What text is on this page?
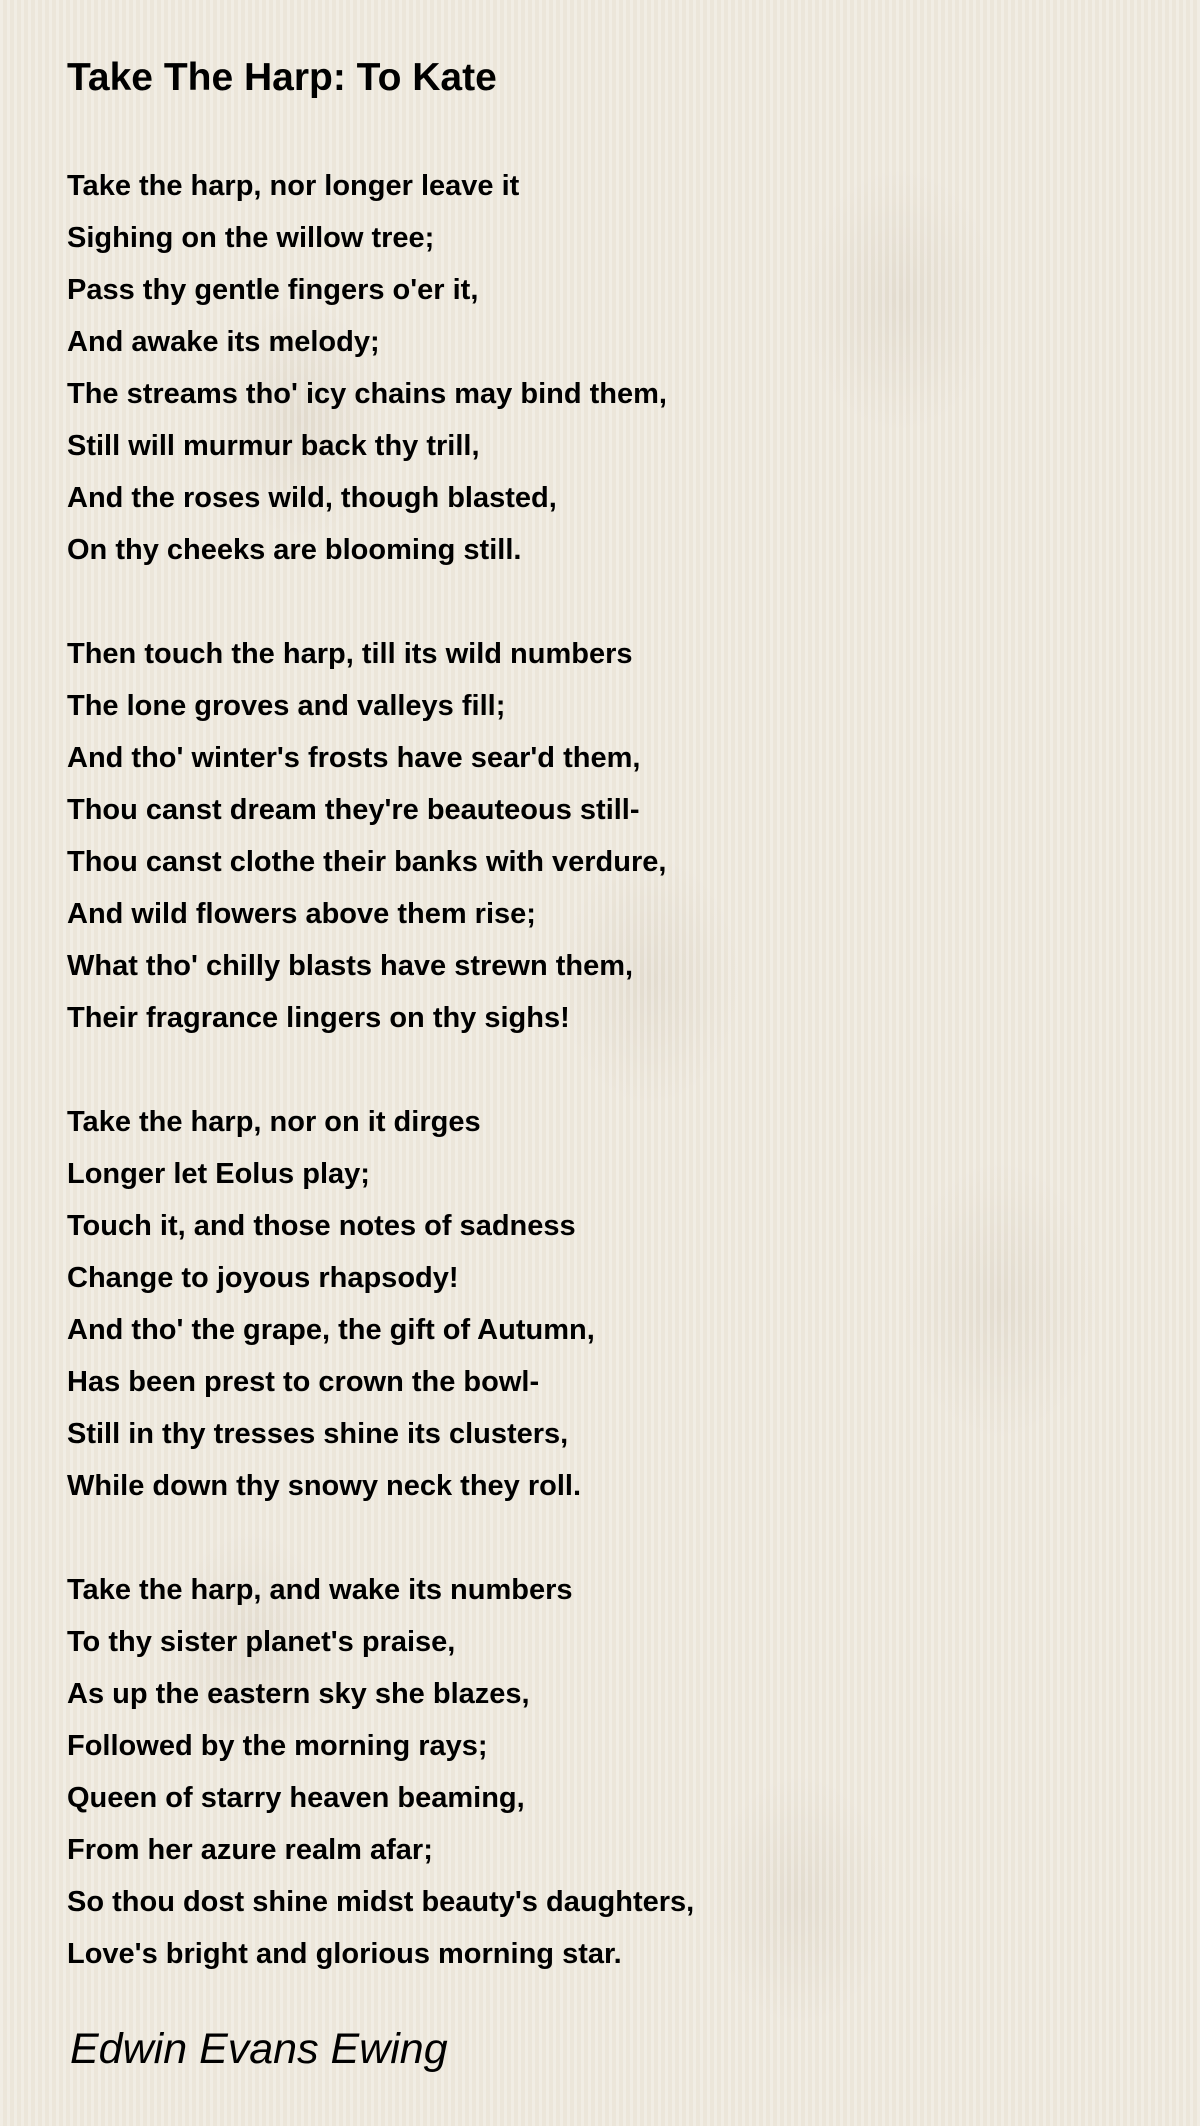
Take The Harp: To Kate
Take the harp, nor longer leave it
Sighing on the willow tree;
Pass thy gentle fingers o'er it,
And awake its melody;
The streams tho' icy chains may bind them,
Still will murmur back thy trill,
And the roses wild, though blasted,
On thy cheeks are blooming still.
Then touch the harp, till its wild numbers
The lone groves and valleys fill;
And tho' winter's frosts have sear'd them,
Thou canst dream they're beauteous still-
Thou canst clothe their banks with verdure,
And wild flowers above them rise;
What tho' chilly blasts have strewn them,
Their fragrance lingers on thy sighs!
Take the harp, nor on it dirges
Longer let Eolus play;
Touch it, and those notes of sadness
Change to joyous rhapsody!
And tho' the grape, the gift of Autumn,
Has been prest to crown the bowl-
Still in thy tresses shine its clusters,
While down thy snowy neck they roll.
Take the harp, and wake its numbers
To thy sister planet's praise,
As up the eastern sky she blazes,
Followed by the morning rays;
Queen of starry heaven beaming,
From her azure realm afar;
So thou dost shine midst beauty's daughters,
Love's bright and glorious morning star.
Edwin Evans Ewing
